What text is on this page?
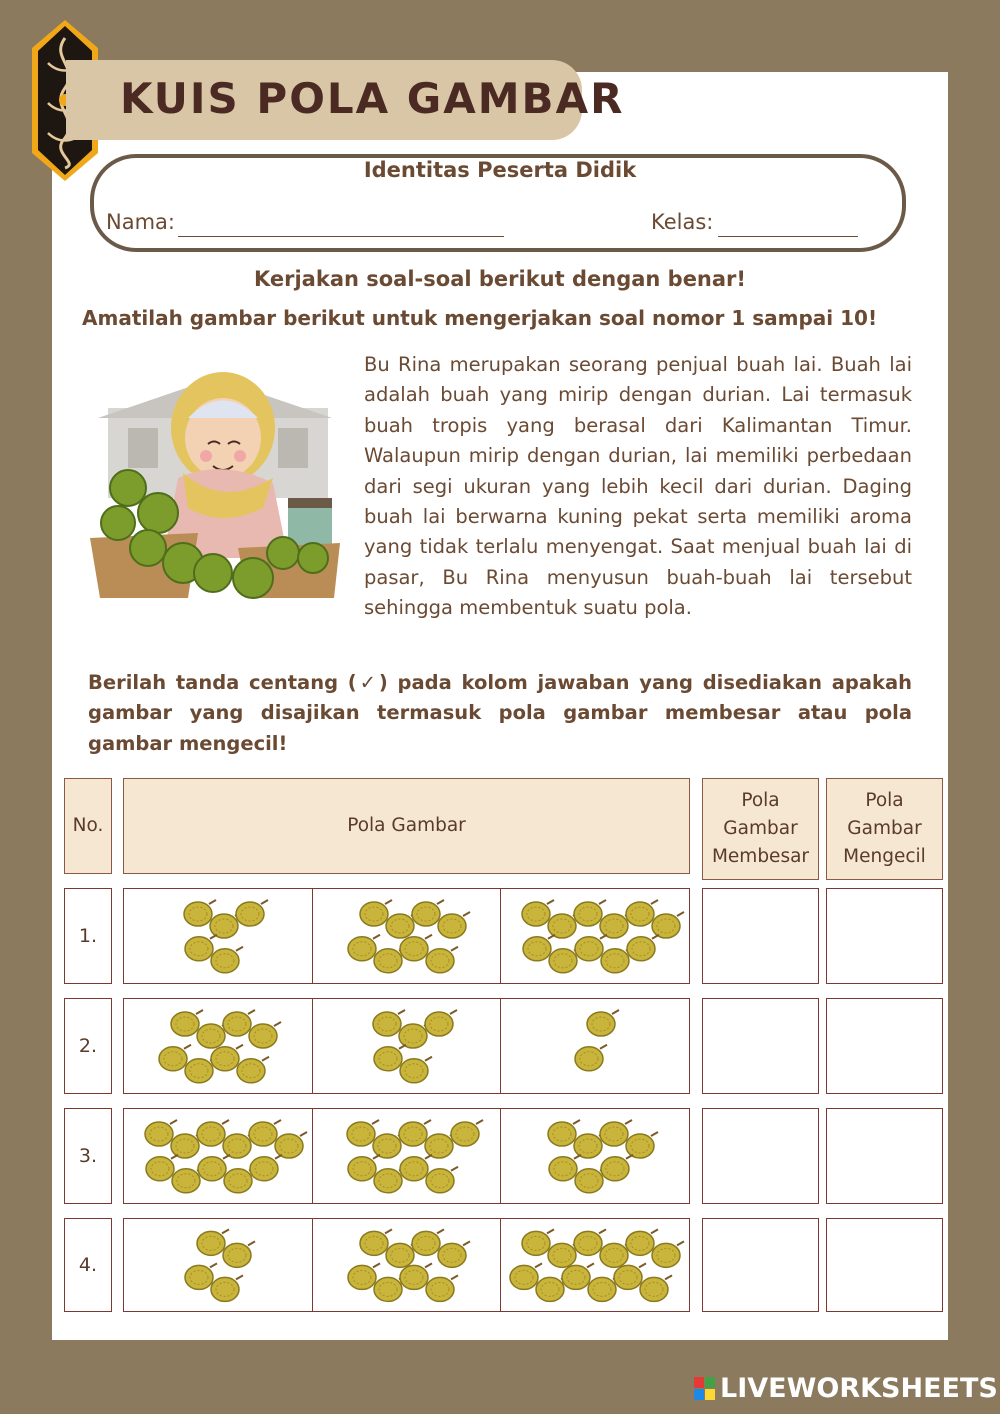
KUIS POLA GAMBAR
Identitas Peserta Didik
Nama:	Kelas:
Kerjakan soal-soal berikut dengan benar!
Amatilah gambar berikut untuk mengerjakan soal nomor 1 sampai 10!
Bu Rina merupakan seorang penjual buah lai. Buah lai adalah buah yang mirip dengan durian. Lai termasuk buah tropis yang berasal dari Kalimantan Timur. Walaupun mirip dengan durian, lai memiliki perbedaan dari segi ukuran yang lebih kecil dari durian. Daging buah lai berwarna kuning pekat serta memiliki aroma yang tidak terlalu menyengat. Saat menjual buah lai di pasar, Bu Rina menyusun buah-buah lai tersebut sehingga membentuk suatu pola.
Berilah tanda centang (✓) pada kolom jawaban yang disediakan apakah gambar yang disajikan termasuk pola gambar membesar atau pola gambar mengecil!
No.	Pola Gambar
Pola Gambar Membesar
Pola Gambar Mengecil
1.
2.
3.
4.
LIVEWORKSHEETS
